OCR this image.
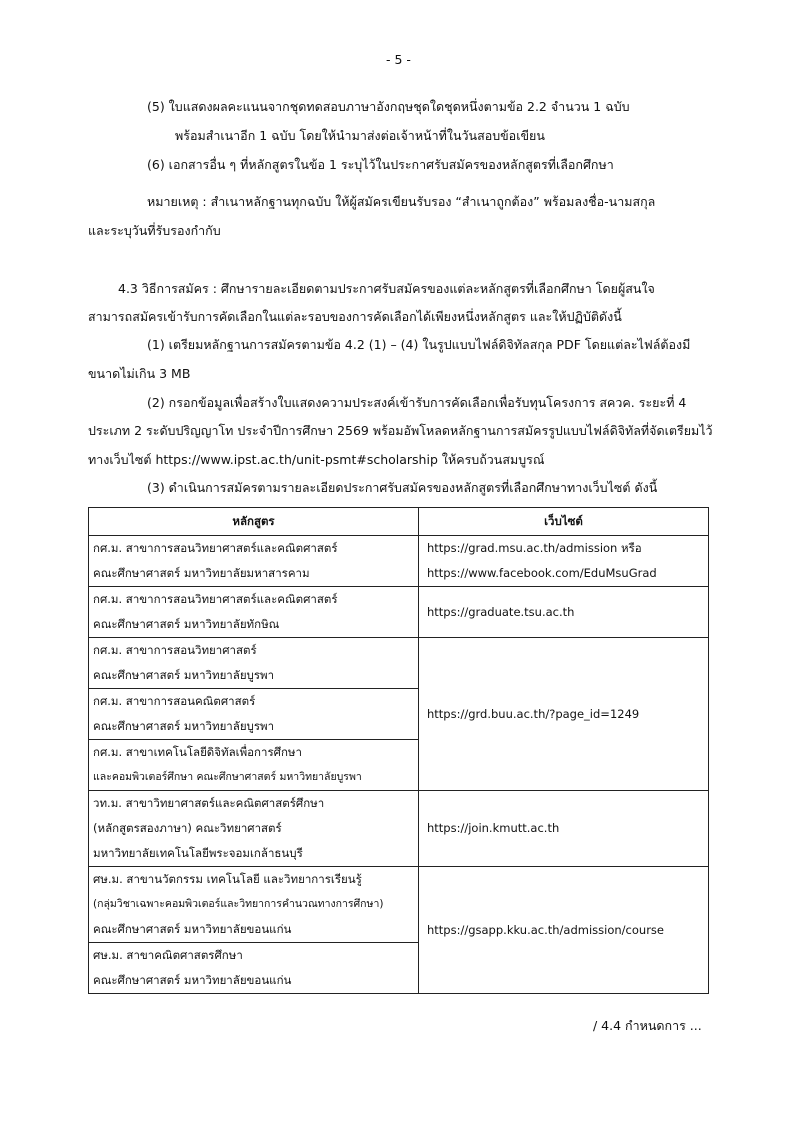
- 5 -
(5) ใบแสดงผลคะแนนจากชุดทดสอบภาษาอังกฤษชุดใดชุดหนึ่งตามข้อ 2.2 จำนวน 1 ฉบับ
พร้อมสำเนาอีก 1 ฉบับ โดยให้นำมาส่งต่อเจ้าหน้าที่ในวันสอบข้อเขียน
(6) เอกสารอื่น ๆ ที่หลักสูตรในข้อ 1 ระบุไว้ในประกาศรับสมัครของหลักสูตรที่เลือกศึกษา
หมายเหตุ : สำเนาหลักฐานทุกฉบับ ให้ผู้สมัครเขียนรับรอง “สำเนาถูกต้อง” พร้อมลงชื่อ-นามสกุล
และระบุวันที่รับรองกำกับ
4.3 วิธีการสมัคร : ศึกษารายละเอียดตามประกาศรับสมัครของแต่ละหลักสูตรที่เลือกศึกษา โดยผู้สนใจ
สามารถสมัครเข้ารับการคัดเลือกในแต่ละรอบของการคัดเลือกได้เพียงหนึ่งหลักสูตร และให้ปฏิบัติดังนี้
(1) เตรียมหลักฐานการสมัครตามข้อ 4.2 (1) – (4) ในรูปแบบไฟล์ดิจิทัลสกุล PDF โดยแต่ละไฟล์ต้องมี
ขนาดไม่เกิน 3 MB
(2) กรอกข้อมูลเพื่อสร้างใบแสดงความประสงค์เข้ารับการคัดเลือกเพื่อรับทุนโครงการ สควค. ระยะที่ 4
ประเภท 2 ระดับปริญญาโท ประจำปีการศึกษา 2569 พร้อมอัพโหลดหลักฐานการสมัครรูปแบบไฟล์ดิจิทัลที่จัดเตรียมไว้
ทางเว็บไซต์ https://www.ipst.ac.th/unit-psmt#scholarship ให้ครบถ้วนสมบูรณ์
(3) ดำเนินการสมัครตามรายละเอียดประกาศรับสมัครของหลักสูตรที่เลือกศึกษาทางเว็บไซต์ ดังนี้
หลักสูตร	เว็บไซต์

กศ.ม. สาขาการสอนวิทยาศาสตร์และคณิตศาสตร์
คณะศึกษาศาสตร์ มหาวิทยาลัยมหาสารคาม	https://grad.msu.ac.th/admission หรือ
https://www.facebook.com/EduMsuGrad

กศ.ม. สาขาการสอนวิทยาศาสตร์และคณิตศาสตร์
คณะศึกษาศาสตร์ มหาวิทยาลัยทักษิณ	https://graduate.tsu.ac.th

กศ.ม. สาขาการสอนวิทยาศาสตร์
คณะศึกษาศาสตร์ มหาวิทยาลัยบูรพา	https://grd.buu.ac.th/?page_id=1249

กศ.ม. สาขาการสอนคณิตศาสตร์
คณะศึกษาศาสตร์ มหาวิทยาลัยบูรพา	

กศ.ม. สาขาเทคโนโลยีดิจิทัลเพื่อการศึกษา
และคอมพิวเตอร์ศึกษา คณะศึกษาศาสตร์ มหาวิทยาลัยบูรพา	

วท.ม. สาขาวิทยาศาสตร์และคณิตศาสตร์ศึกษา
(หลักสูตรสองภาษา) คณะวิทยาศาสตร์
มหาวิทยาลัยเทคโนโลยีพระจอมเกล้าธนบุรี	https://join.kmutt.ac.th

ศษ.ม. สาขานวัตกรรม เทคโนโลยี และวิทยาการเรียนรู้
(กลุ่มวิชาเฉพาะคอมพิวเตอร์และวิทยาการคำนวณทางการศึกษา)
คณะศึกษาศาสตร์ มหาวิทยาลัยขอนแก่น	https://gsapp.kku.ac.th/admission/course

ศษ.ม. สาขาคณิตศาสตรศึกษา
คณะศึกษาศาสตร์ มหาวิทยาลัยขอนแก่น	
/ 4.4 กำหนดการ ...
